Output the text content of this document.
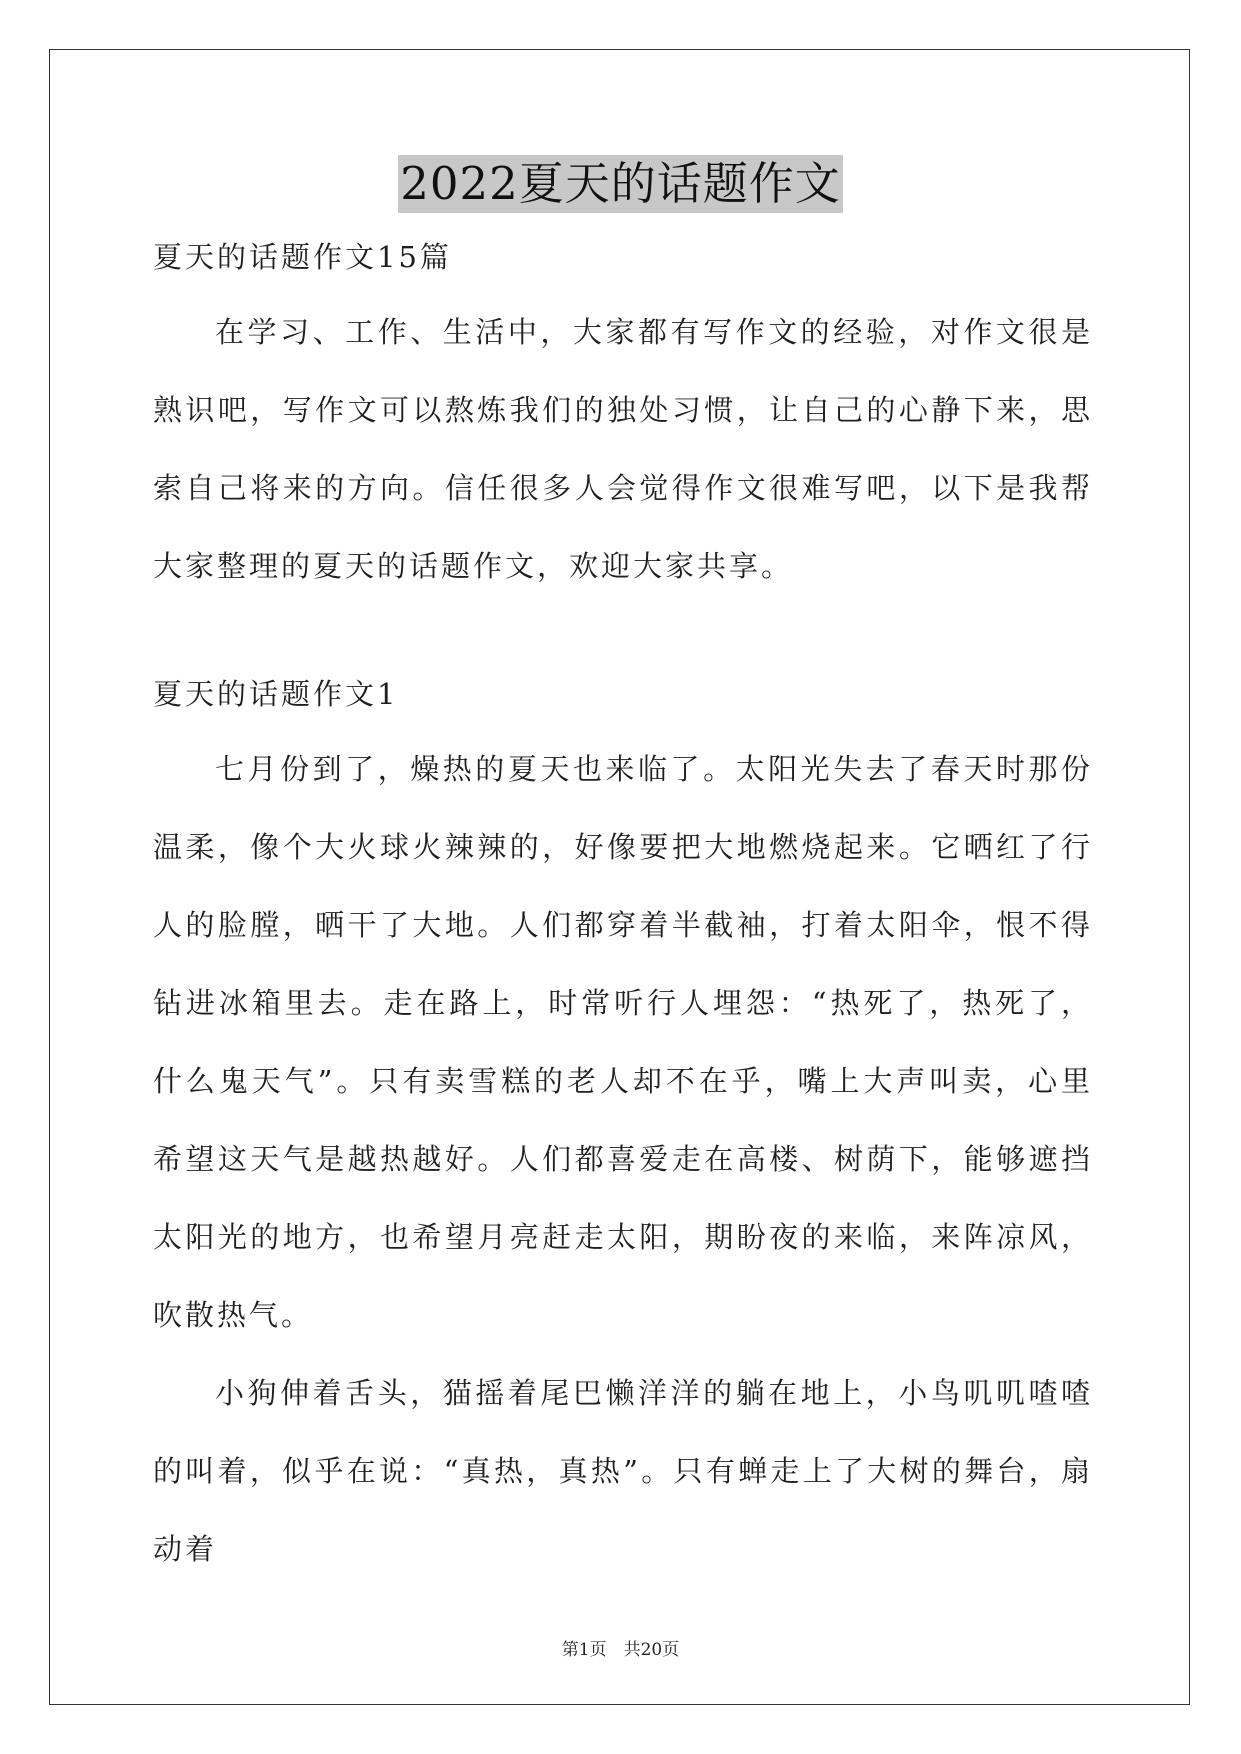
2022夏天的话题作文
夏天的话题作文15篇

在学习、工作、生活中，大家都有写作文的经验，对作文很是熟识吧，写作文可以熬炼我们的独处习惯，让自己的心静下来，思索自己将来的方向。信任很多人会觉得作文很难写吧，以下是我帮大家整理的夏天的话题作文，欢迎大家共享。

夏天的话题作文1

七月份到了，燥热的夏天也来临了。太阳光失去了春天时那份温柔，像个大火球火辣辣的，好像要把大地燃烧起来。它晒红了行人的脸膛，晒干了大地。人们都穿着半截袖，打着太阳伞，恨不得钻进冰箱里去。走在路上，时常听行人埋怨：“热死了，热死了，什么鬼天气”。只有卖雪糕的老人却不在乎，嘴上大声叫卖，心里希望这天气是越热越好。人们都喜爱走在高楼、树荫下，能够遮挡太阳光的地方，也希望月亮赶走太阳，期盼夜的来临，来阵凉风，吹散热气。

小狗伸着舌头，猫摇着尾巴懒洋洋的躺在地上，小鸟叽叽喳喳的叫着，似乎在说：“真热，真热”。只有蝉走上了大树的舞台，扇动着

第1页　共20页
